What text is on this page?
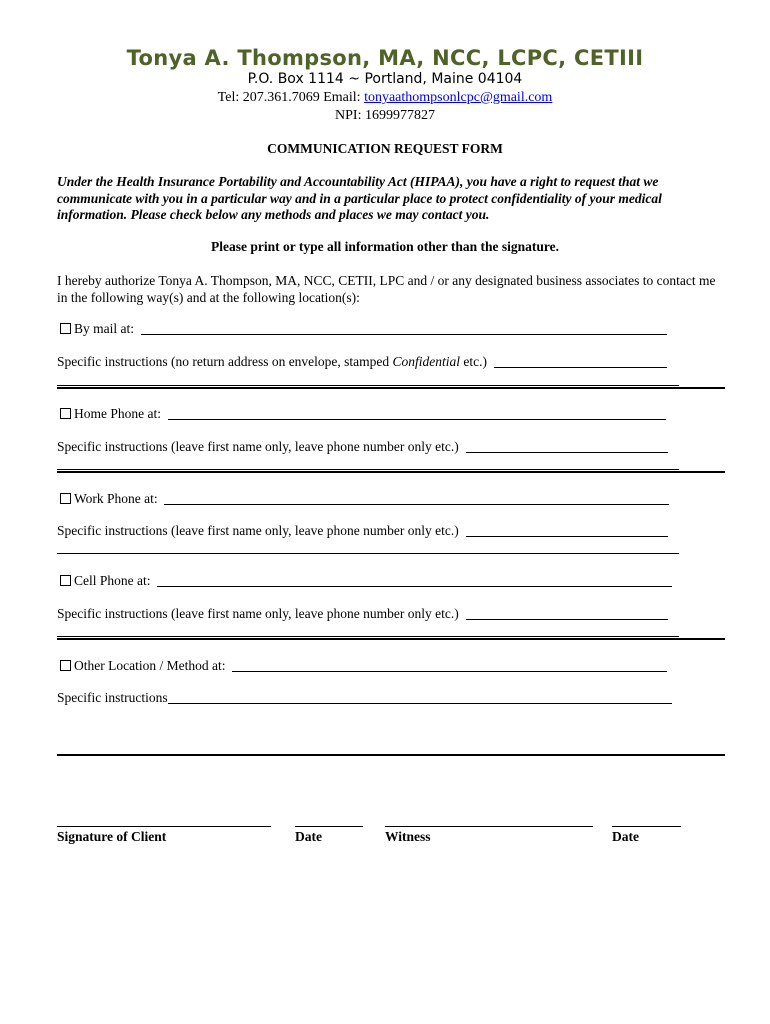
Tonya A. Thompson, MA, NCC, LCPC, CETIII
P.O. Box 1114 ~ Portland, Maine 04104
Tel: 207.361.7069 Email: tonyaathompsonlcpc@gmail.com
NPI: 1699977827
COMMUNICATION REQUEST FORM
Under the Health Insurance Portability and Accountability Act (HIPAA), you have a right to request that we communicate with you in a particular way and in a particular place to protect confidentiality of your medical information. Please check below any methods and places we may contact you.
Please print or type all information other than the signature.
I hereby authorize Tonya A. Thompson, MA, NCC, CETII, LPC and / or any designated business associates to contact me in the following way(s) and at the following location(s):
By mail at:
Specific instructions (no return address on envelope, stamped Confidential etc.)
Home Phone at:
Specific instructions (leave first name only, leave phone number only etc.)
Work Phone at:
Specific instructions (leave first name only, leave phone number only etc.)
Cell Phone at:
Specific instructions (leave first name only, leave phone number only etc.)
Other Location / Method at:
Specific instructions
Signature of Client	Date	Witness	Date
